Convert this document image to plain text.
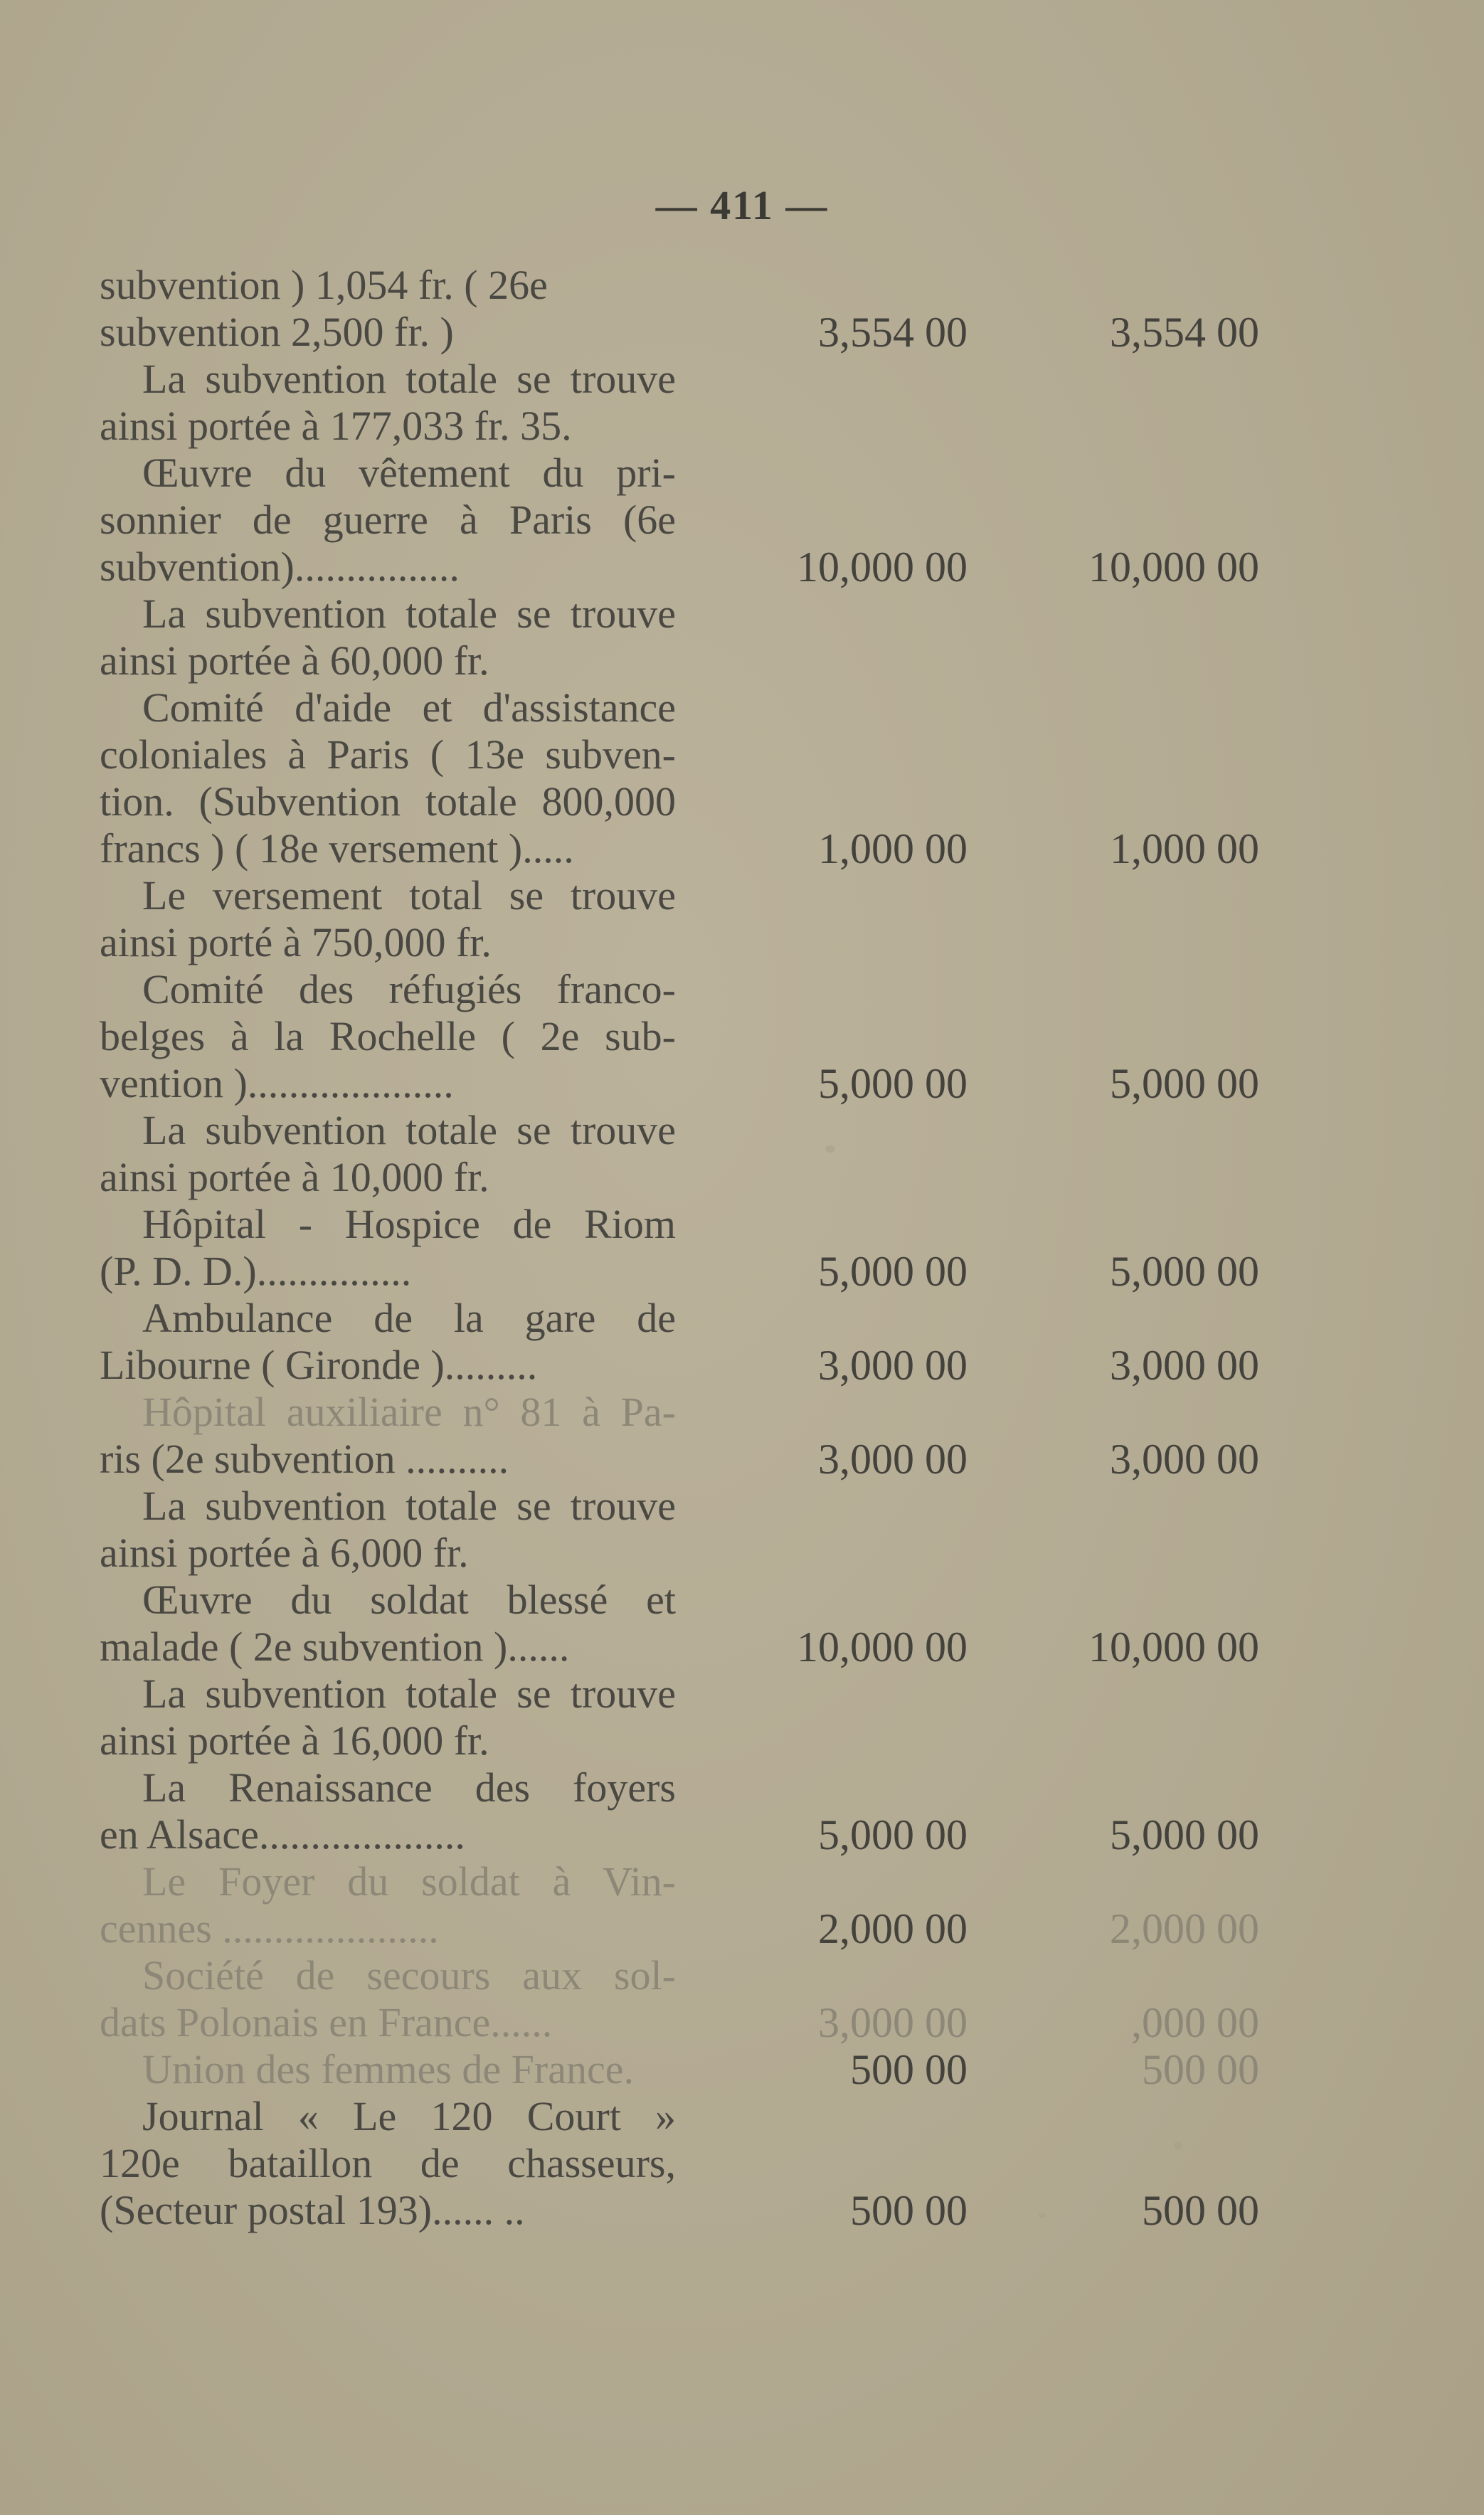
— 411 —
subvention ) 1,054 fr. ( 26e
subvention 2,500 fr. )	3,554 00	3,554 00
La subvention totale se trouve
ainsi portée à 177,033 fr. 35.
Œuvre du vêtement du pri-
sonnier de guerre à Paris (6e
subvention)................	10,000 00	10,000 00
La subvention totale se trouve
ainsi portée à 60,000 fr.
Comité d'aide et d'assistance
coloniales à Paris ( 13e subven-
tion. (Subvention totale 800,000
francs ) ( 18e versement ).....	1,000 00	1,000 00
Le versement total se trouve
ainsi porté à 750,000 fr.
Comité des réfugiés franco-
belges à la Rochelle ( 2e sub-
vention )....................	5,000 00	5,000 00
La subvention totale se trouve
ainsi portée à 10,000 fr.
Hôpital - Hospice de Riom
(P. D. D.)...............	5,000 00	5,000 00
Ambulance de la gare de
Libourne ( Gironde ).........	3,000 00	3,000 00
Hôpital auxiliaire n° 81 à Pa-
ris (2e subvention ..........	3,000 00	3,000 00
La subvention totale se trouve
ainsi portée à 6,000 fr.
Œuvre du soldat blessé et
malade ( 2e subvention )......	10,000 00	10,000 00
La subvention totale se trouve
ainsi portée à 16,000 fr.
La Renaissance des foyers
en Alsace....................	5,000 00	5,000 00
Le Foyer du soldat à Vin-
cennes .....................	2,000 00	2,000 00
Société de secours aux sol-
dats Polonais en France......	3,000 00	,000 00
Union des femmes de France.	500 00	500 00
Journal « Le 120 Court »
120e bataillon de chasseurs,
(Secteur postal 193)...... ..	500 00	500 00
